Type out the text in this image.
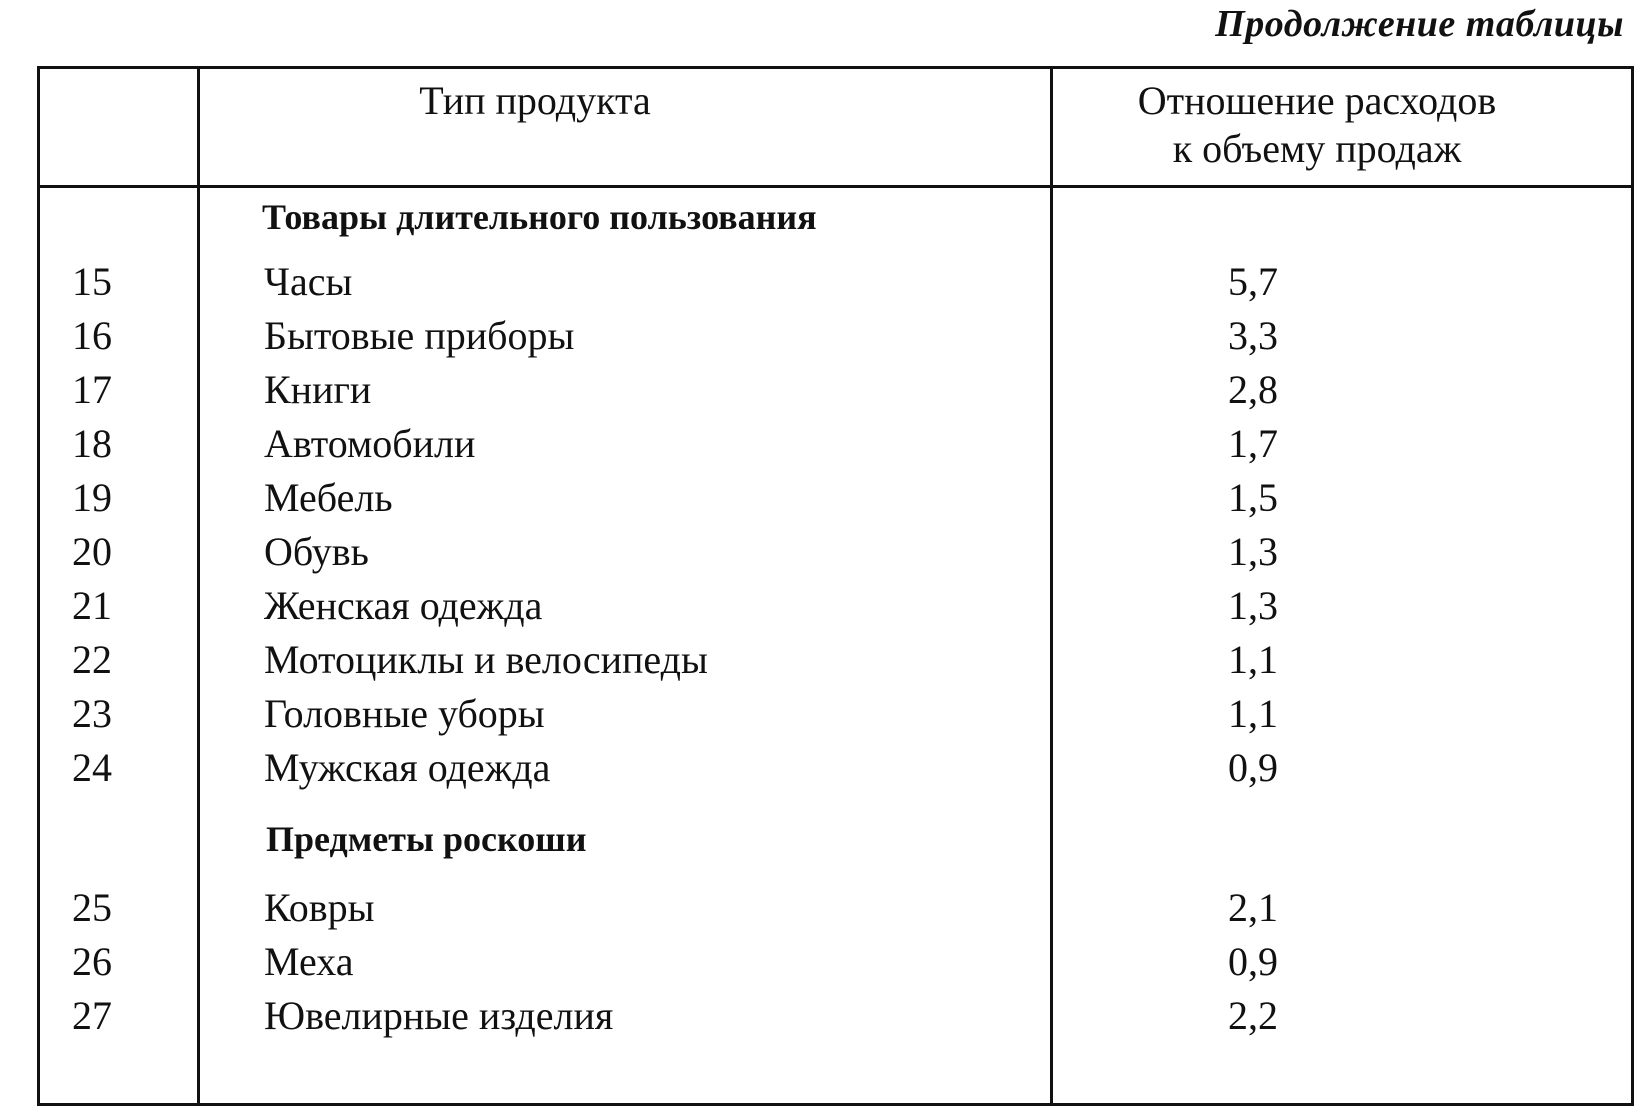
Продолжение таблицы
Тип продукта	Отношение расходов
к объему продаж
Товары длительного пользования
15	Часы	5,7
16	Бытовые приборы	3,3
17	Книги	2,8
18	Автомобили	1,7
19	Мебель	1,5
20	Обувь	1,3
21	Женская одежда	1,3
22	Мотоциклы и велосипеды	1,1
23	Головные уборы	1,1
24	Мужская одежда	0,9
Предметы роскоши
25	Ковры	2,1
26	Меха	0,9
27	Ювелирные изделия	2,2
